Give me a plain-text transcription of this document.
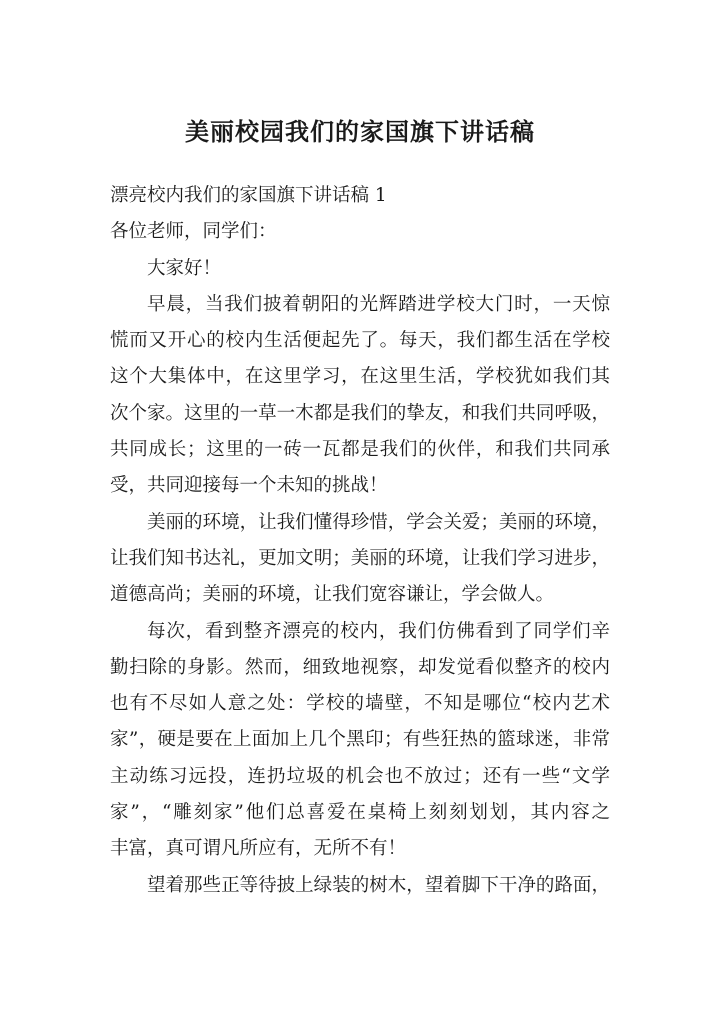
美丽校园我们的家国旗下讲话稿

漂亮校内我们的家国旗下讲话稿 1

各位老师，同学们：

大家好！

早晨，当我们披着朝阳的光辉踏进学校大门时，一天惊

慌而又开心的校内生活便起先了。每天，我们都生活在学校

这个大集体中，在这里学习，在这里生活，学校犹如我们其

次个家。这里的一草一木都是我们的挚友，和我们共同呼吸，

共同成长；这里的一砖一瓦都是我们的伙伴，和我们共同承

受，共同迎接每一个未知的挑战！

美丽的环境，让我们懂得珍惜，学会关爱；美丽的环境，

让我们知书达礼，更加文明；美丽的环境，让我们学习进步，

道德高尚；美丽的环境，让我们宽容谦让，学会做人。

每次，看到整齐漂亮的校内，我们仿佛看到了同学们辛

勤扫除的身影。然而，细致地视察，却发觉看似整齐的校内

也有不尽如人意之处：学校的墙壁，不知是哪位“校内艺术

家”，硬是要在上面加上几个黑印；有些狂热的篮球迷，非常

主动练习远投，连扔垃圾的机会也不放过；还有一些“文学

家”，“雕刻家”他们总喜爱在桌椅上刻刻划划，其内容之

丰富，真可谓凡所应有，无所不有！

望着那些正等待披上绿装的树木，望着脚下干净的路面，
